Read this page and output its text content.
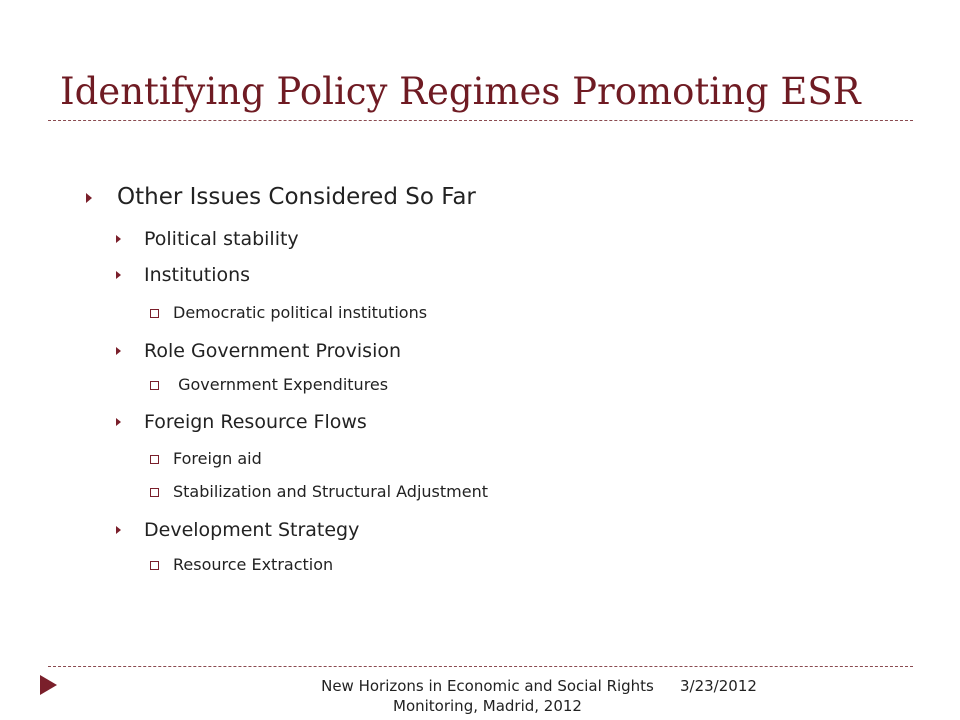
Identifying Policy Regimes Promoting ESR
Other Issues Considered So Far
Political stability
Institutions
Democratic political institutions
Role Government Provision
Government Expenditures
Foreign Resource Flows
Foreign aid
Stabilization and Structural Adjustment
Development Strategy
Resource Extraction
New Horizons in Economic and Social Rights Monitoring, Madrid, 2012
3/23/2012
